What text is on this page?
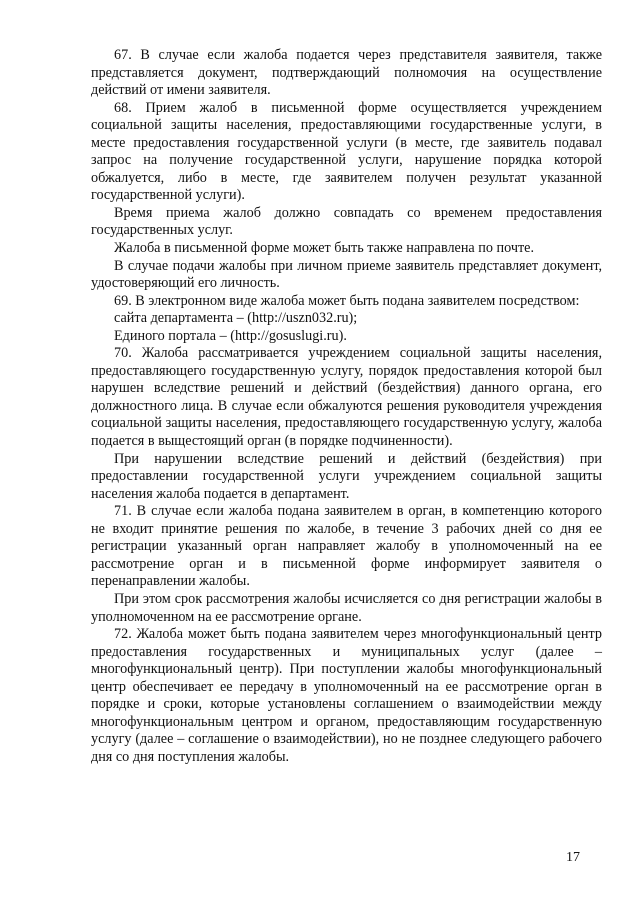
67. В случае если жалоба подается через представителя заявителя, также представляется документ, подтверждающий полномочия на осуществление действий от имени заявителя.

68. Прием жалоб в письменной форме осуществляется учреждением социальной защиты населения, предоставляющими государственные услуги, в месте предоставления государственной услуги (в месте, где заявитель подавал запрос на получение государственной услуги, нарушение порядка которой обжалуется, либо в месте, где заявителем получен результат указанной государственной услуги).

Время приема жалоб должно совпадать со временем предоставления государственных услуг.

Жалоба в письменной форме может быть также направлена по почте.

В случае подачи жалобы при личном приеме заявитель представляет документ, удостоверяющий его личность.

69. В электронном виде жалоба может быть подана заявителем посредством:

сайта департамента – (http://uszn032.ru);

Единого портала – (http://gosuslugi.ru).

70. Жалоба рассматривается учреждением социальной защиты населения, предоставляющего государственную услугу, порядок предоставления которой был нарушен вследствие решений и действий (бездействия) данного органа, его должностного лица. В случае если обжалуются решения руководителя учреждения социальной защиты населения, предоставляющего государственную услугу, жалоба подается в выщестоящий орган (в порядке подчиненности).

При нарушении вследствие решений и действий (бездействия) при предоставлении государственной услуги учреждением социальной защиты населения жалоба подается в департамент.

71. В случае если жалоба подана заявителем в орган, в компетенцию которого не входит принятие решения по жалобе, в течение 3 рабочих дней со дня ее регистрации указанный орган направляет жалобу в уполномоченный на ее рассмотрение орган и в письменной форме информирует заявителя о перенаправлении жалобы.

При этом срок рассмотрения жалобы исчисляется со дня регистрации жалобы в уполномоченном на ее рассмотрение органе.

72. Жалоба может быть подана заявителем через многофункциональный центр предоставления государственных и муниципальных услуг (далее – многофункциональный центр). При поступлении жалобы многофункциональный центр обеспечивает ее передачу в уполномоченный на ее рассмотрение орган в порядке и сроки, которые установлены соглашением о взаимодействии между многофункциональным центром и органом, предоставляющим государственную услугу (далее – соглашение о взаимодействии), но не позднее следующего рабочего дня со дня поступления жалобы.

17
